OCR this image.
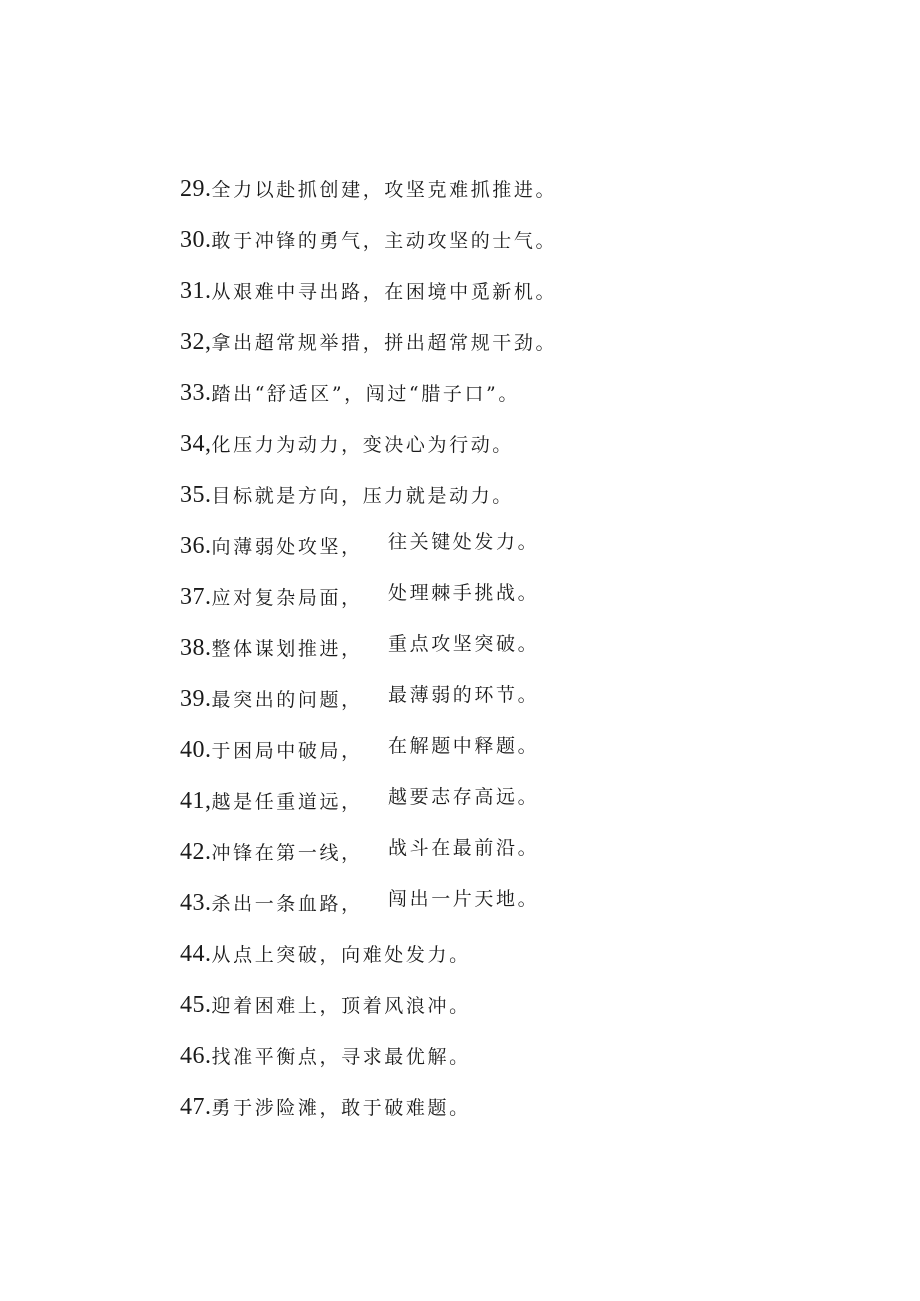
29.全力以赴抓创建，攻坚克难抓推进。
30.敢于冲锋的勇气，主动攻坚的士气。
31.从艰难中寻出路，在困境中觅新机。
32,拿出超常规举措，拼出超常规干劲。
33.踏出“舒适区”，闯过“腊子口”。
34,化压力为动力，变决心为行动。
35.目标就是方向，压力就是动力。
36.向薄弱处攻坚， 往关键处发力。
37.应对复杂局面， 处理棘手挑战。
38.整体谋划推进， 重点攻坚突破。
39.最突出的问题， 最薄弱的环节。
40.于困局中破局， 在解题中释题。
41,越是任重道远， 越要志存高远。
42.冲锋在第一线， 战斗在最前沿。
43.杀出一条血路， 闯出一片天地。
44.从点上突破，向难处发力。
45.迎着困难上，顶着风浪冲。
46.找准平衡点，寻求最优解。
47.勇于涉险滩，敢于破难题。
